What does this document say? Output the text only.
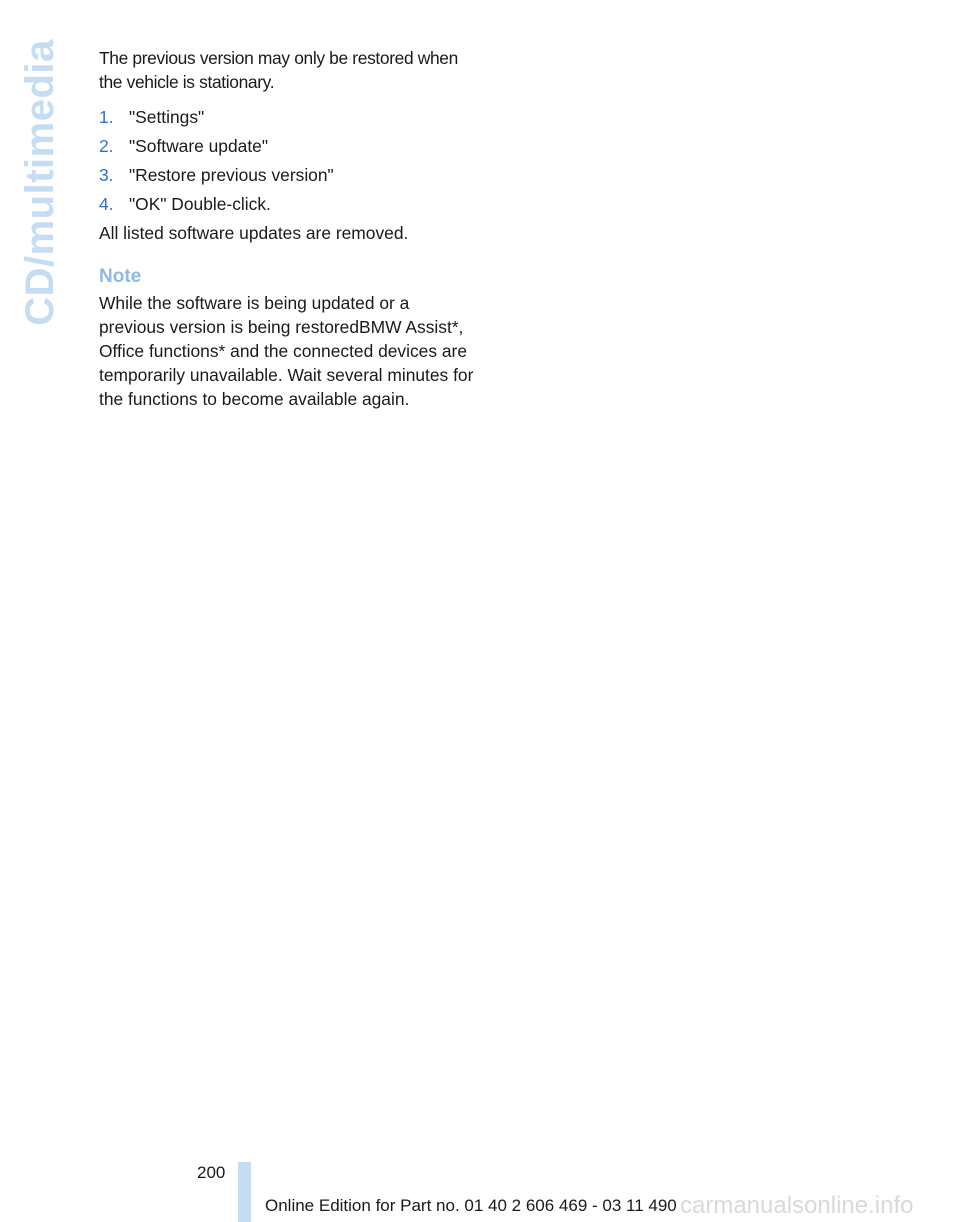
CD/multimedia The previous version may only be restored when the vehicle is stationary.

1. "Settings"
2. "Software update"
3. "Restore previous version"
4. "OK" Double-click.

All listed software updates are removed.

Note

While the software is being updated or a previous version is being restoredBMW Assist*, Office functions* and the connected devices are temporarily unavailable. Wait several minutes for the functions to become available again.

200
Online Edition for Part no. 01 40 2 606 469 - 03 11 490 carmanualsonline.info
